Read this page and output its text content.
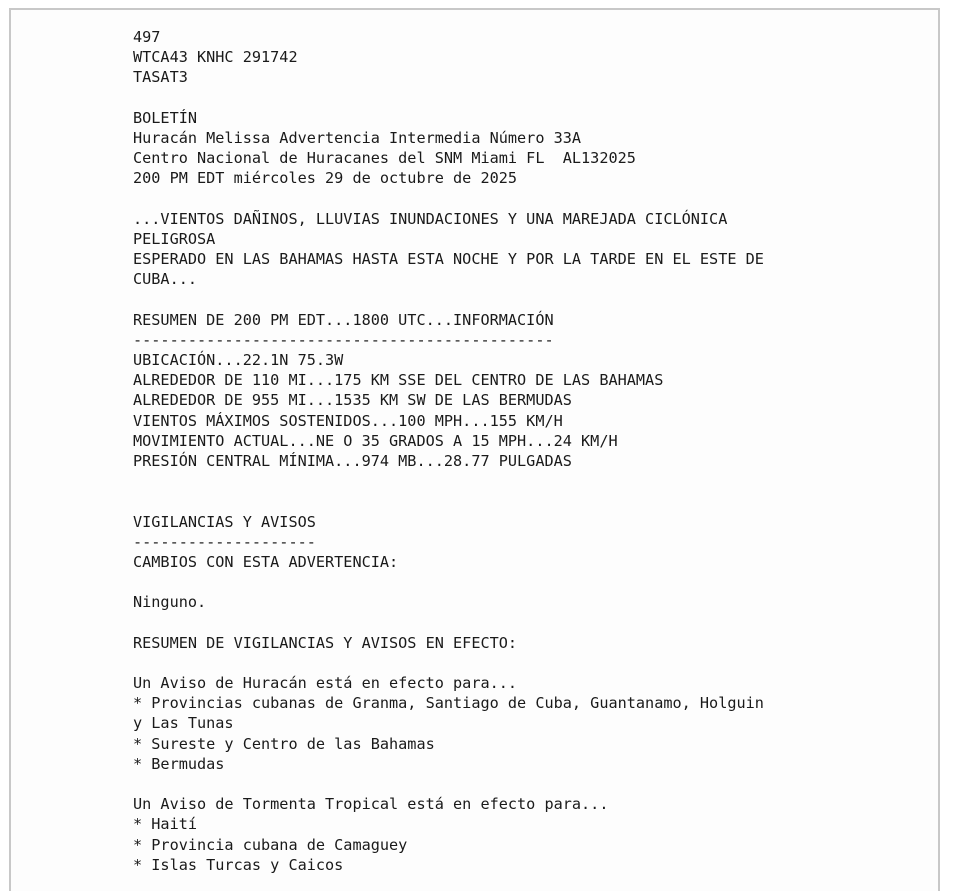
497
WTCA43 KNHC 291742
TASAT3
BOLETÍN
Huracán Melissa Advertencia Intermedia Número 33A
Centro Nacional de Huracanes del SNM Miami FL  AL132025
200 PM EDT miércoles 29 de octubre de 2025
...VIENTOS DAÑINOS, LLUVIAS INUNDACIONES Y UNA MAREJADA CICLÓNICA
PELIGROSA
ESPERADO EN LAS BAHAMAS HASTA ESTA NOCHE Y POR LA TARDE EN EL ESTE DE
CUBA...
RESUMEN DE 200 PM EDT...1800 UTC...INFORMACIÓN
----------------------------------------------
UBICACIÓN...22.1N 75.3W
ALREDEDOR DE 110 MI...175 KM SSE DEL CENTRO DE LAS BAHAMAS
ALREDEDOR DE 955 MI...1535 KM SW DE LAS BERMUDAS
VIENTOS MÁXIMOS SOSTENIDOS...100 MPH...155 KM/H
MOVIMIENTO ACTUAL...NE O 35 GRADOS A 15 MPH...24 KM/H
PRESIÓN CENTRAL MÍNIMA...974 MB...28.77 PULGADAS
VIGILANCIAS Y AVISOS
--------------------
CAMBIOS CON ESTA ADVERTENCIA:
Ninguno.
RESUMEN DE VIGILANCIAS Y AVISOS EN EFECTO:
Un Aviso de Huracán está en efecto para...
* Provincias cubanas de Granma, Santiago de Cuba, Guantanamo, Holguin
y Las Tunas
* Sureste y Centro de las Bahamas
* Bermudas
Un Aviso de Tormenta Tropical está en efecto para...
* Haití
* Provincia cubana de Camaguey
* Islas Turcas y Caicos
